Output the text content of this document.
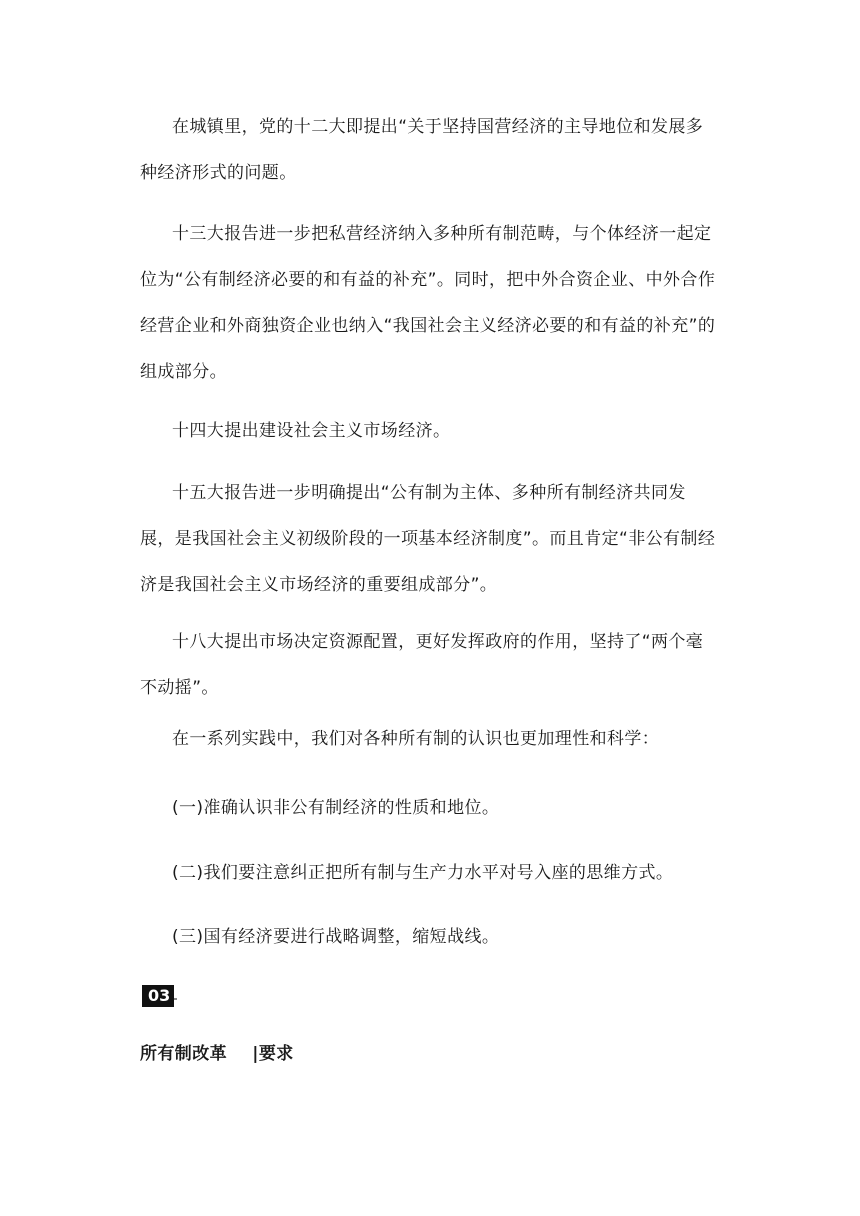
在城镇里，党的十二大即提出“关于坚持国营经济的主导地位和发展多种经济形式的问题。

十三大报告进一步把私营经济纳入多种所有制范畴，与个体经济一起定位为“公有制经济必要的和有益的补充”。同时，把中外合资企业、中外合作经营企业和外商独资企业也纳入“我国社会主义经济必要的和有益的补充”的组成部分。

十四大提出建设社会主义市场经济。

十五大报告进一步明确提出“公有制为主体、多种所有制经济共同发展，是我国社会主义初级阶段的一项基本经济制度”。而且肯定“非公有制经济是我国社会主义市场经济的重要组成部分”。

十八大提出市场决定资源配置，更好发挥政府的作用，坚持了“两个毫不动摇”。

在一系列实践中，我们对各种所有制的认识也更加理性和科学：

(一)准确认识非公有制经济的性质和地位。

(二)我们要注意纠正把所有制与生产力水平对号入座的思维方式。

(三)国有经济要进行战略调整，缩短战线。

03
所有制改革    |要求
